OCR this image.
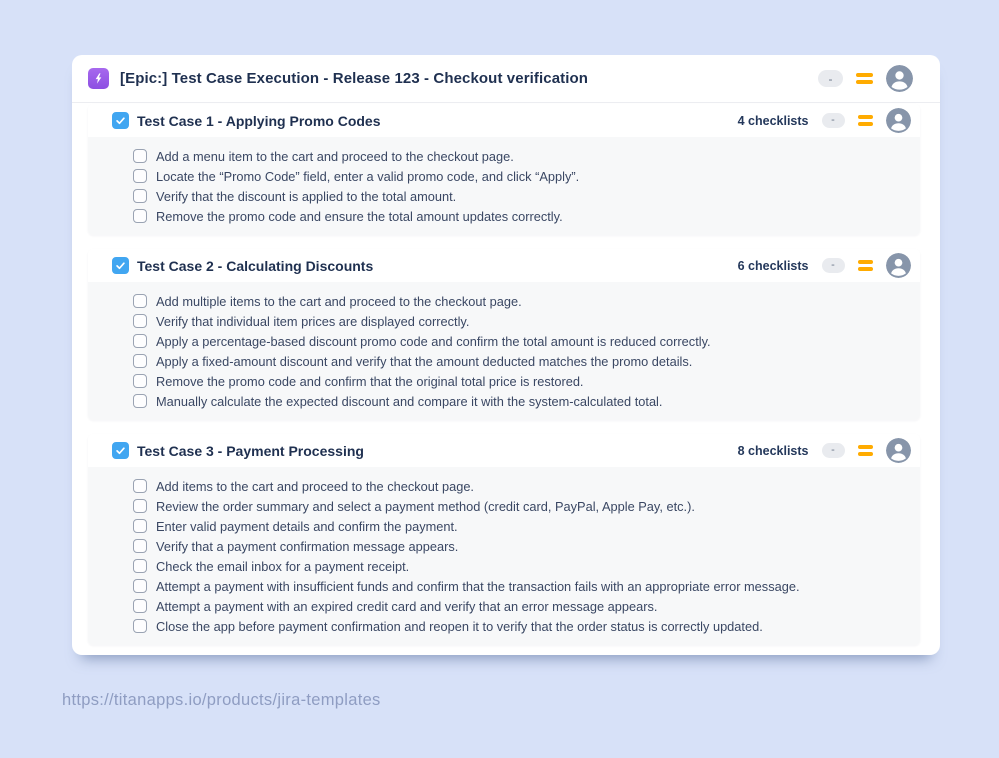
[Epic:] Test Case Execution - Release 123 - Checkout verification	-
Test Case 1 - Applying Promo Codes	4 checklists -
Add a menu item to the cart and proceed to the checkout page.
Locate the “Promo Code” field, enter a valid promo code, and click “Apply”.
Verify that the discount is applied to the total amount.
Remove the promo code and ensure the total amount updates correctly.
Test Case 2 - Calculating Discounts	6 checklists -
Add multiple items to the cart and proceed to the checkout page.
Verify that individual item prices are displayed correctly.
Apply a percentage-based discount promo code and confirm the total amount is reduced correctly.
Apply a fixed-amount discount and verify that the amount deducted matches the promo details.
Remove the promo code and confirm that the original total price is restored.
Manually calculate the expected discount and compare it with the system-calculated total.
Test Case 3 - Payment Processing	8 checklists -
Add items to the cart and proceed to the checkout page.
Review the order summary and select a payment method (credit card, PayPal, Apple Pay, etc.).
Enter valid payment details and confirm the payment.
Verify that a payment confirmation message appears.
Check the email inbox for a payment receipt.
Attempt a payment with insufficient funds and confirm that the transaction fails with an appropriate error message.
Attempt a payment with an expired credit card and verify that an error message appears.
Close the app before payment confirmation and reopen it to verify that the order status is correctly updated.
https://titanapps.io/products/jira-templates
